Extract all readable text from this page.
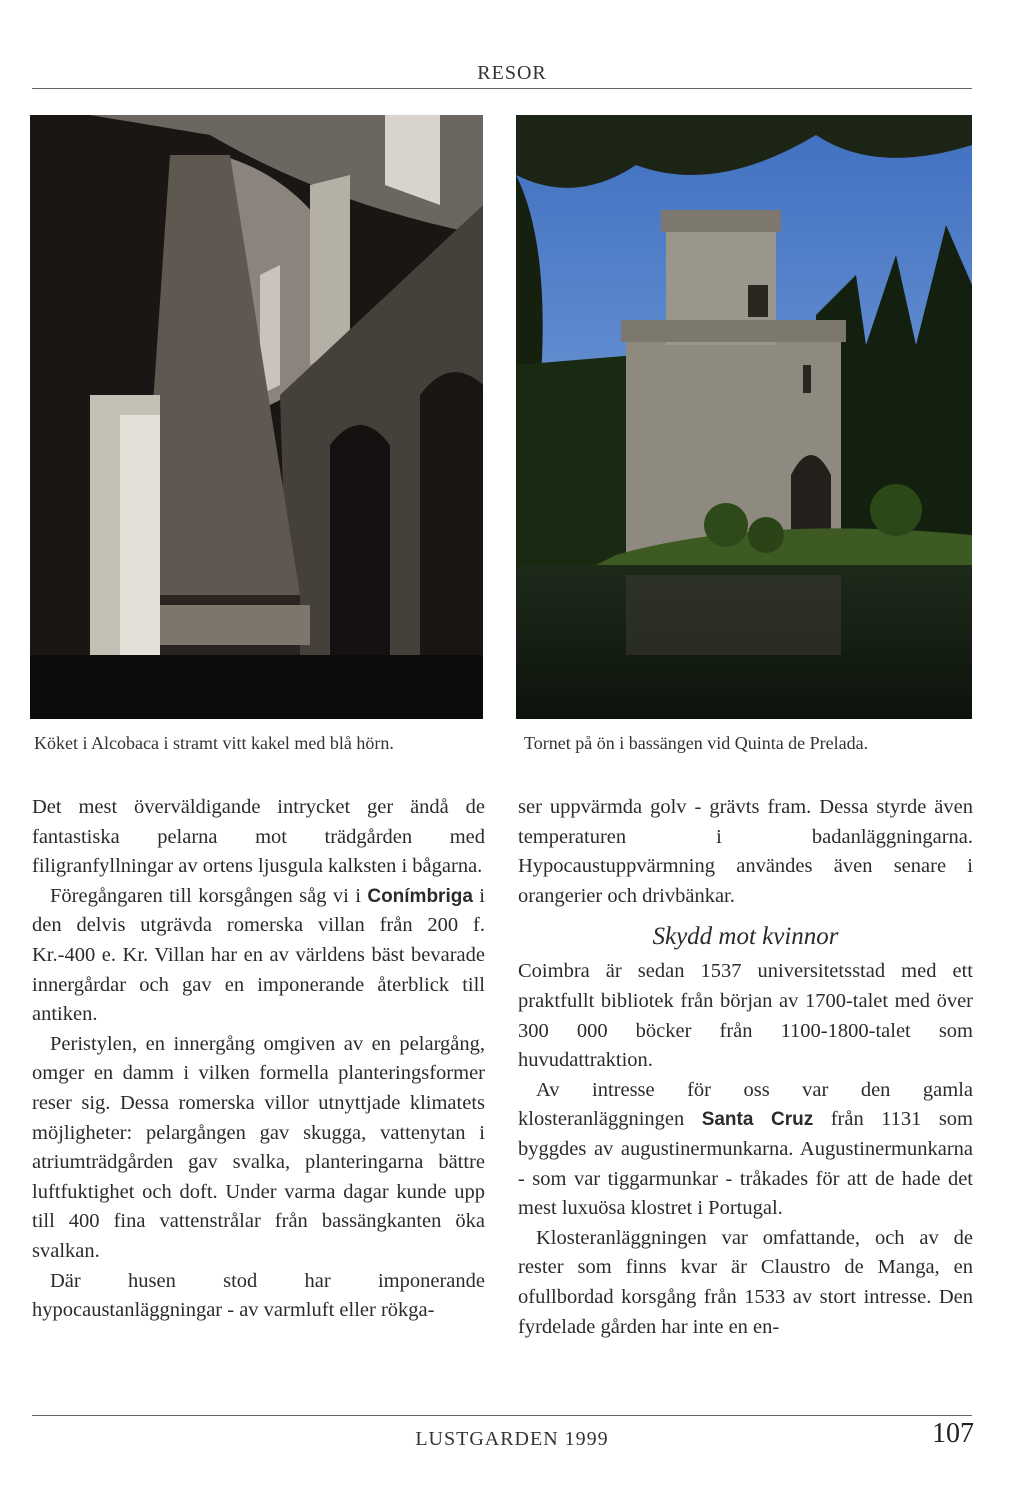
RESOR
Köket i Alcobaca i stramt vitt kakel med blå hörn.	Tornet på ön i bassängen vid Quinta de Prelada.

Det mest överväldigande intrycket ger ändå de fantastiska pelarna mot trädgården med filigranfyllningar av ortens ljusgula kalksten i bågarna.

Föregångaren till korsgången såg vi i Conímbriga i den delvis utgrävda romerska villan från 200 f. Kr.-400 e. Kr. Villan har en av världens bäst bevarade innergårdar och gav en imponerande återblick till antiken.

Peristylen, en innergång omgiven av en pelargång, omger en damm i vilken formella planteringsformer reser sig. Dessa romerska villor utnyttjade klimatets möjligheter: pelargången gav skugga, vattenytan i atriumträdgården gav svalka, planteringarna bättre luftfuktighet och doft. Under varma dagar kunde upp till 400 fina vattenstrålar från bassängkanten öka svalkan.

Där husen stod har imponerande hypocaustanläggningar - av varmluft eller rökga-

ser uppvärmda golv - grävts fram. Dessa styrde även temperaturen i badanläggningarna. Hypocaustuppvärmning användes även senare i orangerier och drivbänkar.

Skydd mot kvinnor

Coimbra är sedan 1537 universitetsstad med ett praktfullt bibliotek från början av 1700-talet med över 300 000 böcker från 1100-1800-talet som huvudattraktion.

Av intresse för oss var den gamla klosteranläggningen Santa Cruz från 1131 som byggdes av augustinermunkarna. Augustinermunkarna - som var tiggarmunkar - tråkades för att de hade det mest luxuösa klostret i Portugal.

Klosteranläggningen var omfattande, och av de rester som finns kvar är Claustro de Manga, en ofullbordad korsgång från 1533 av stort intresse. Den fyrdelade gården har inte en en-

LUSTGARDEN 1999	107
